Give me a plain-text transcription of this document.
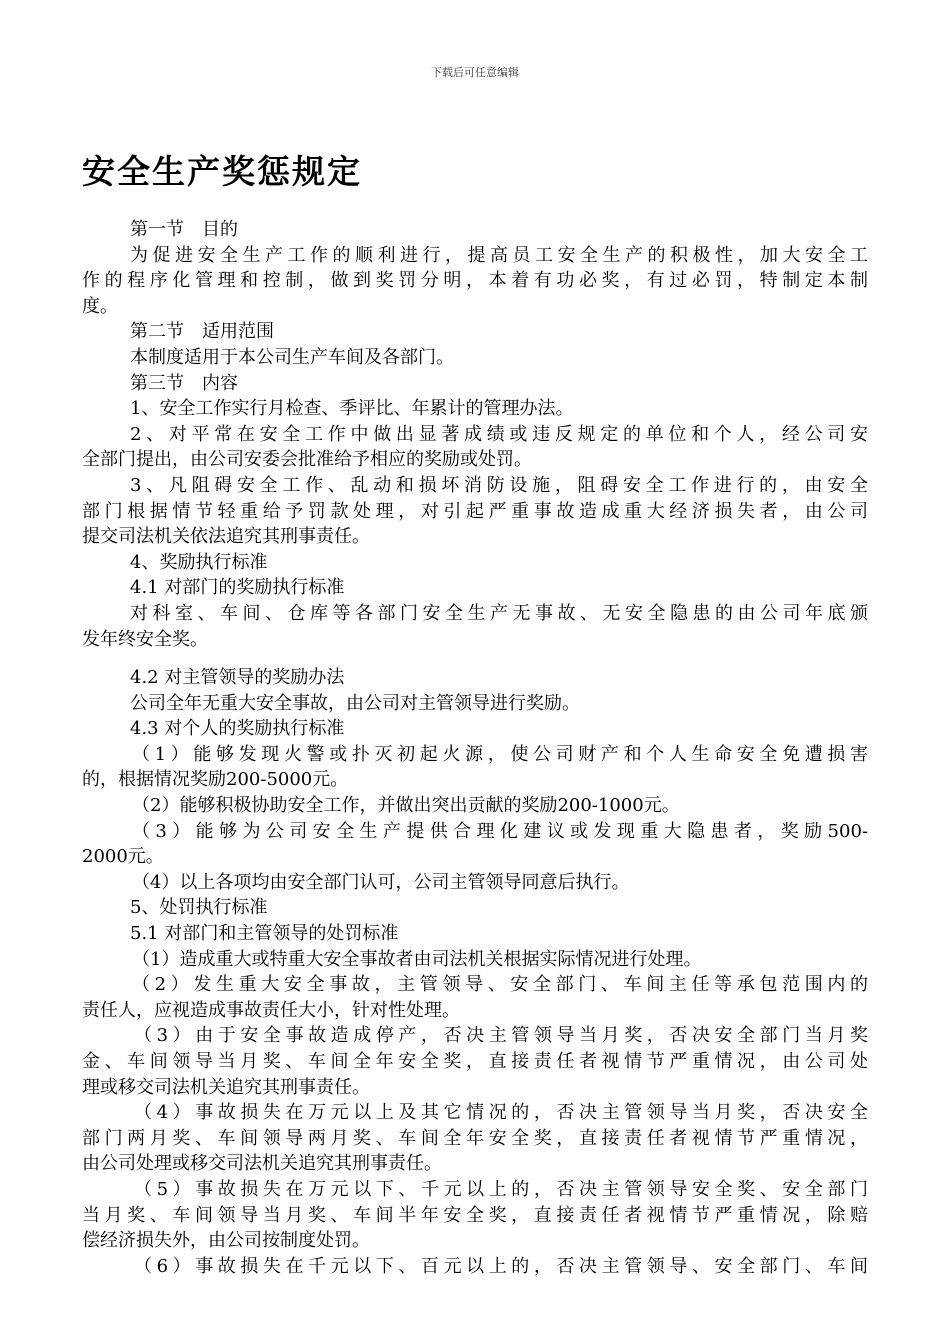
下载后可任意编辑
安全生产奖惩规定
第一节　目的
为促进安全生产工作的顺利进行，提高员工安全生产的积极性，加大安全工
作的程序化管理和控制，做到奖罚分明，本着有功必奖，有过必罚，特制定本制
度。
第二节　适用范围
本制度适用于本公司生产车间及各部门。
第三节　内容
1、安全工作实行月检查、季评比、年累计的管理办法。
2、对平常在安全工作中做出显著成绩或违反规定的单位和个人，经公司安
全部门提出，由公司安委会批准给予相应的奖励或处罚。
3、凡阻碍安全工作、乱动和损坏消防设施，阻碍安全工作进行的，由安全
部门根据情节轻重给予罚款处理，对引起严重事故造成重大经济损失者，由公司
提交司法机关依法追究其刑事责任。
4、奖励执行标准
4.1 对部门的奖励执行标准
对科室、车间、仓库等各部门安全生产无事故、无安全隐患的由公司年底颁
发年终安全奖。
4.2 对主管领导的奖励办法
公司全年无重大安全事故，由公司对主管领导进行奖励。
4.3 对个人的奖励执行标准
（1）能够发现火警或扑灭初起火源，使公司财产和个人生命安全免遭损害
的，根据情况奖励200-5000元。
（2）能够积极协助安全工作，并做出突出贡献的奖励200-1000元。
（3）能够为公司安全生产提供合理化建议或发现重大隐患者，奖励500-
2000元。
（4）以上各项均由安全部门认可，公司主管领导同意后执行。
5、处罚执行标准
5.1 对部门和主管领导的处罚标准
（1）造成重大或特重大安全事故者由司法机关根据实际情况进行处理。
（2）发生重大安全事故，主管领导、安全部门、车间主任等承包范围内的
责任人，应视造成事故责任大小，针对性处理。
（3）由于安全事故造成停产，否决主管领导当月奖，否决安全部门当月奖
金、车间领导当月奖、车间全年安全奖，直接责任者视情节严重情况，由公司处
理或移交司法机关追究其刑事责任。
（4）事故损失在万元以上及其它情况的，否决主管领导当月奖，否决安全
部门两月奖、车间领导两月奖、车间全年安全奖，直接责任者视情节严重情况，
由公司处理或移交司法机关追究其刑事责任。
（5）事故损失在万元以下、千元以上的，否决主管领导安全奖、安全部门
当月奖、车间领导当月奖、车间半年安全奖，直接责任者视情节严重情况，除赔
偿经济损失外，由公司按制度处罚。
（6）事故损失在千元以下、百元以上的，否决主管领导、安全部门、车间
